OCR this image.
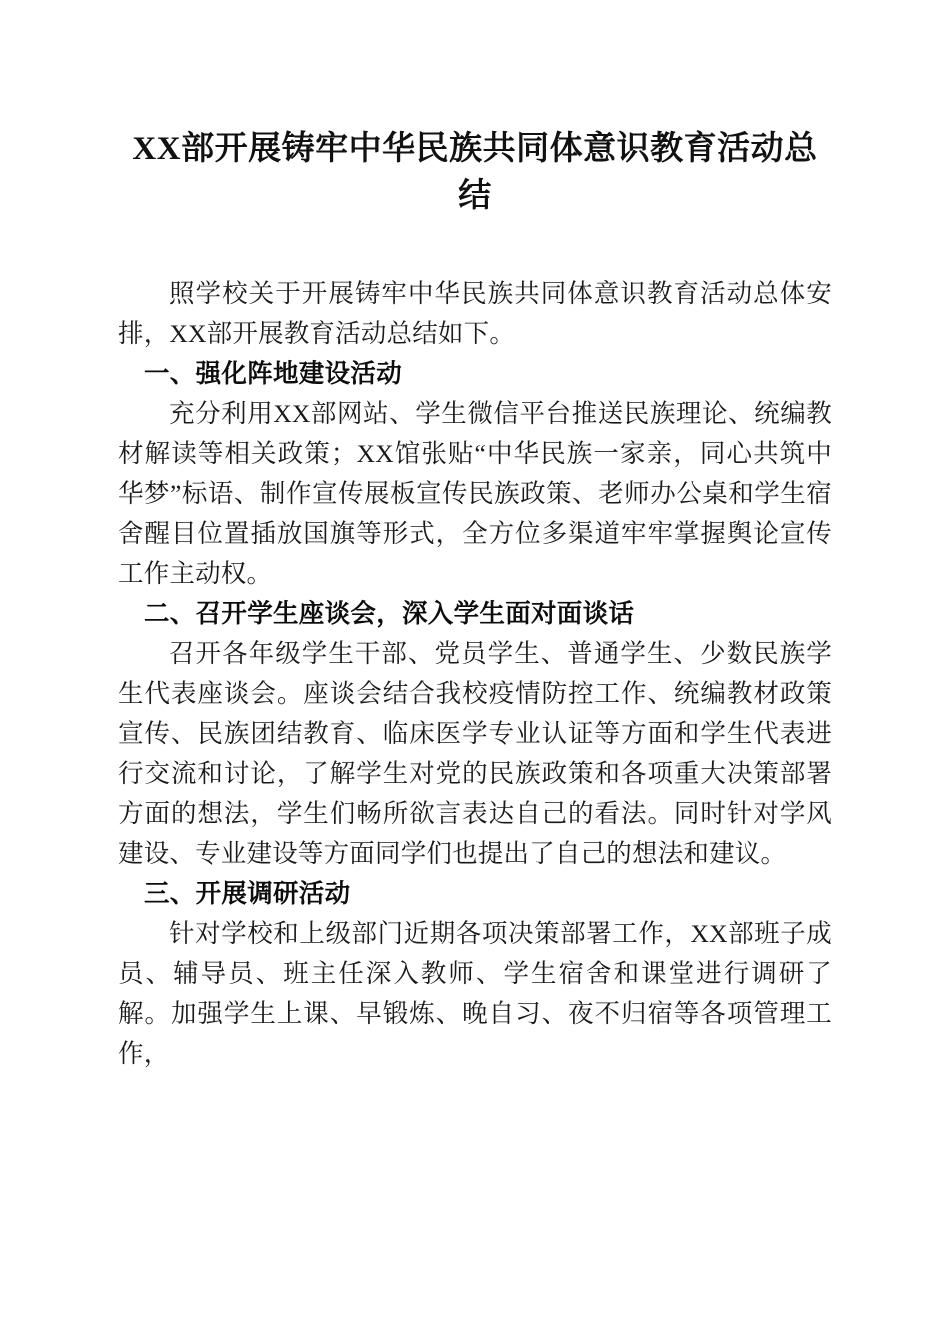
XX部开展铸牢中华民族共同体意识教育活动总结

照学校关于开展铸牢中华民族共同体意识教育活动总体安排，XX部开展教育活动总结如下。

一、强化阵地建设活动

充分利用XX部网站、学生微信平台推送民族理论、统编教材解读等相关政策；XX馆张贴“中华民族一家亲，同心共筑中华梦”标语、制作宣传展板宣传民族政策、老师办公桌和学生宿舍醒目位置插放国旗等形式，全方位多渠道牢牢掌握舆论宣传工作主动权。

二、召开学生座谈会，深入学生面对面谈话

召开各年级学生干部、党员学生、普通学生、少数民族学生代表座谈会。座谈会结合我校疫情防控工作、统编教材政策宣传、民族团结教育、临床医学专业认证等方面和学生代表进行交流和讨论，了解学生对党的民族政策和各项重大决策部署方面的想法，学生们畅所欲言表达自己的看法。同时针对学风建设、专业建设等方面同学们也提出了自己的想法和建议。

三、开展调研活动

针对学校和上级部门近期各项决策部署工作，XX部班子成员、辅导员、班主任深入教师、学生宿舍和课堂进行调研了解。加强学生上课、早锻炼、晚自习、夜不归宿等各项管理工作，
